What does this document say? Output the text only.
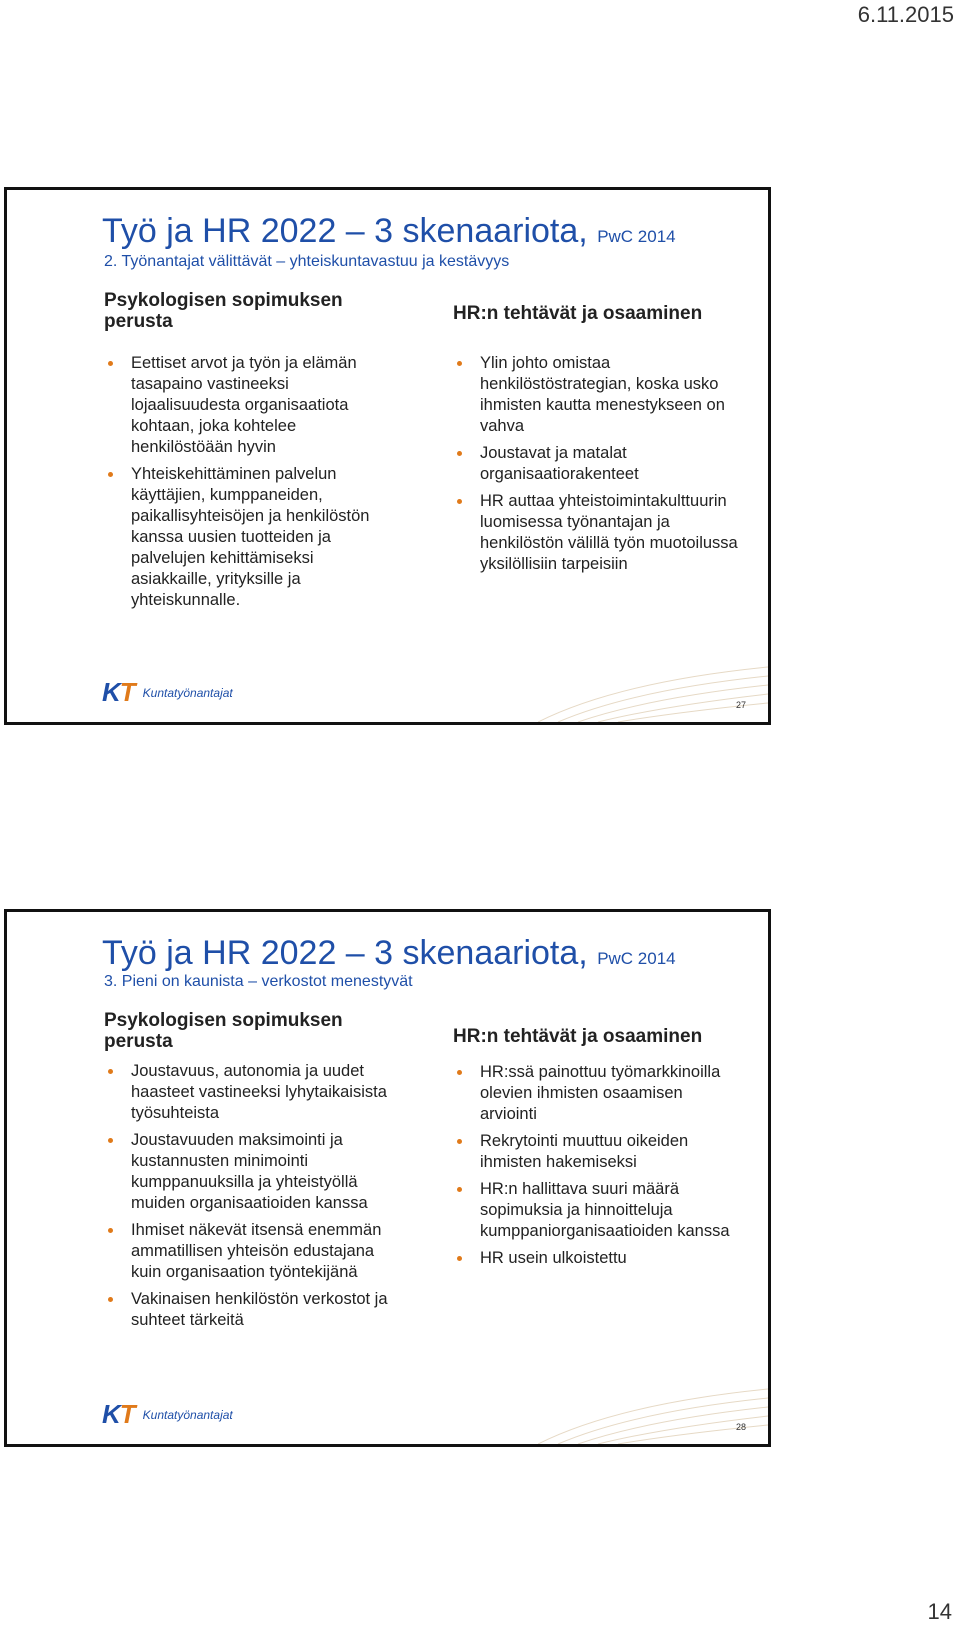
6.11.2015
Työ ja HR 2022 – 3 skenaariota, PwC 2014
2. Työnantajat välittävät – yhteiskuntavastuu ja kestävyys
Psykologisen sopimuksen perusta	HR:n tehtävät ja osaaminen
Eettiset arvot ja työn ja elämän tasapaino vastineeksi lojaalisuudesta organisaatiota kohtaan, joka kohtelee henkilöstöään hyvin
Yhteiskehittäminen palvelun käyttäjien, kumppaneiden, paikallisyhteisöjen ja henkilöstön kanssa uusien tuotteiden ja palvelujen kehittämiseksi asiakkaille, yrityksille ja yhteiskunnalle.
Ylin johto omistaa henkilöstöstrategian, koska usko ihmisten kautta menestykseen on vahva
Joustavat ja matalat organisaatiorakenteet
HR auttaa yhteistoimintakulttuurin luomisessa työnantajan ja henkilöstön välillä työn muotoilussa yksilöllisiin tarpeisiin
KT Kuntatyönantajat
27
Työ ja HR 2022 – 3 skenaariota, PwC 2014
3. Pieni on kaunista – verkostot menestyvät
Psykologisen sopimuksen perusta	HR:n tehtävät ja osaaminen
Joustavuus, autonomia ja uudet haasteet vastineeksi lyhytaikaisista työsuhteista
Joustavuuden maksimointi ja kustannusten minimointi kumppanuuksilla ja yhteistyöllä muiden organisaatioiden kanssa
Ihmiset näkevät itsensä enemmän ammatillisen yhteisön edustajana kuin organisaation työntekijänä
Vakinaisen henkilöstön verkostot ja suhteet tärkeitä
HR:ssä painottuu työmarkkinoilla olevien ihmisten osaamisen arviointi
Rekrytointi muuttuu oikeiden ihmisten hakemiseksi
HR:n hallittava suuri määrä sopimuksia ja hinnoitteluja kumppaniorganisaatioiden kanssa
HR usein ulkoistettu
KT Kuntatyönantajat
28
14
